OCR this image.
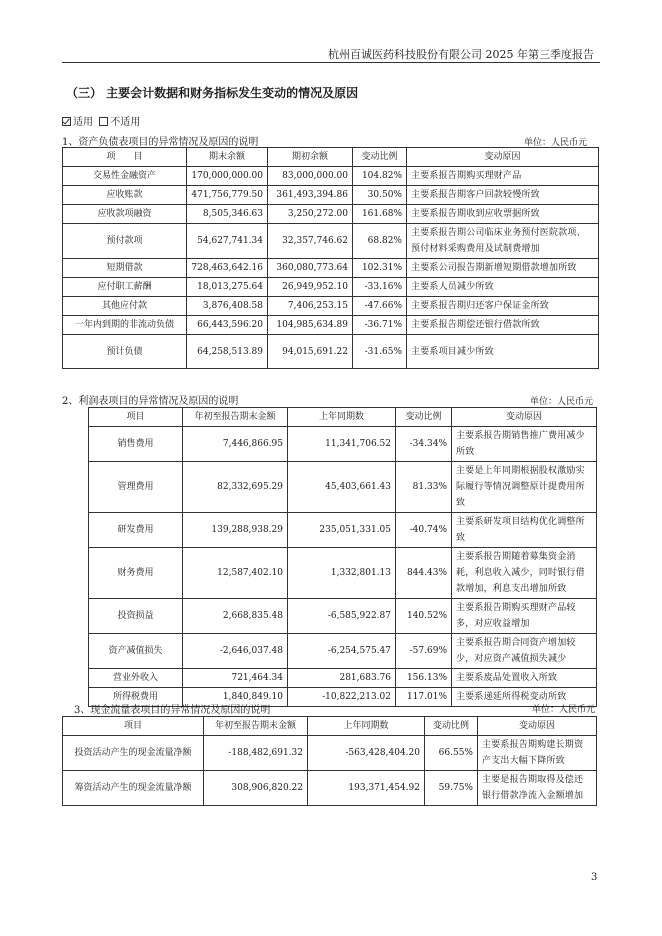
杭州百诚医药科技股份有限公司 2025 年第三季度报告
（三） 主要会计数据和财务指标发生变动的情况及原因
适用 不适用
1、资产负债表项目的异常情况及原因的说明	单位：人民币元
项　　目	期末余额	期初余额	变动比例	变动原因
交易性金融资产	170,000,000.00	83,000,000.00	104.82%	主要系报告期购买理财产品
应收账款	471,756,779.50	361,493,394.86	30.50%	主要系报告期客户回款较慢所致
应收款项融资	8,505,346.63	3,250,272.00	161.68%	主要系报告期收到应收票据所致
预付款项	54,627,741.34	32,357,746.62	68.82%	主要系报告期公司临床业务预付医院款项、预付材料采购费用及试制费增加
短期借款	728,463,642.16	360,080,773.64	102.31%	主要系公司报告期新增短期借款增加所致
应付职工薪酬	18,013,275.64	26,949,952.10	-33.16%	主要系人员减少所致
其他应付款	3,876,408.58	7,406,253.15	-47.66%	主要系报告期归还客户保证金所致
一年内到期的非流动负债	66,443,596.20	104,985,634.89	-36.71%	主要系报告期偿还银行借款所致
预计负债	64,258,513.89	94,015,691.22	-31.65%	主要系项目减少所致
2、利润表项目的异常情况及原因的说明	单位：人民币元
项目	年初至报告期末金额	上年同期数	变动比例	变动原因
销售费用	7,446,866.95	11,341,706.52	-34.34%	主要系报告期销售推广费用减少所致
管理费用	82,332,695.29	45,403,661.43	81.33%	主要是上年同期根据股权激励实际履行等情况调整原计提费用所致
研发费用	139,288,938.29	235,051,331.05	-40.74%	主要系研发项目结构优化调整所致
财务费用	12,587,402.10	1,332,801.13	844.43%	主要系报告期随着募集资金消耗，利息收入减少，同时银行借款增加，利息支出增加所致
投资损益	2,668,835.48	-6,585,922.87	140.52%	主要系报告期购买理财产品较多，对应收益增加
资产减值损失	-2,646,037.48	-6,254,575.47	-57.69%	主要系报告期合同资产增加较少，对应资产减值损失减少
营业外收入	721,464.34	281,683.76	156.13%	主要系废品处置收入所致
所得税费用	1,840,849.10	-10,822,213.02	117.01%	主要系递延所得税变动所致
3、现金流量表项目的异常情况及原因的说明	单位：人民币元
项目	年初至报告期末金额	上年同期数	变动比例	变动原因
投资活动产生的现金流量净额	-188,482,691.32	-563,428,404.20	66.55%	主要系报告期购建长期资产支出大幅下降所致
筹资活动产生的现金流量净额	308,906,820.22	193,371,454.92	59.75%	主要是报告期取得及偿还银行借款净流入金额增加
3
